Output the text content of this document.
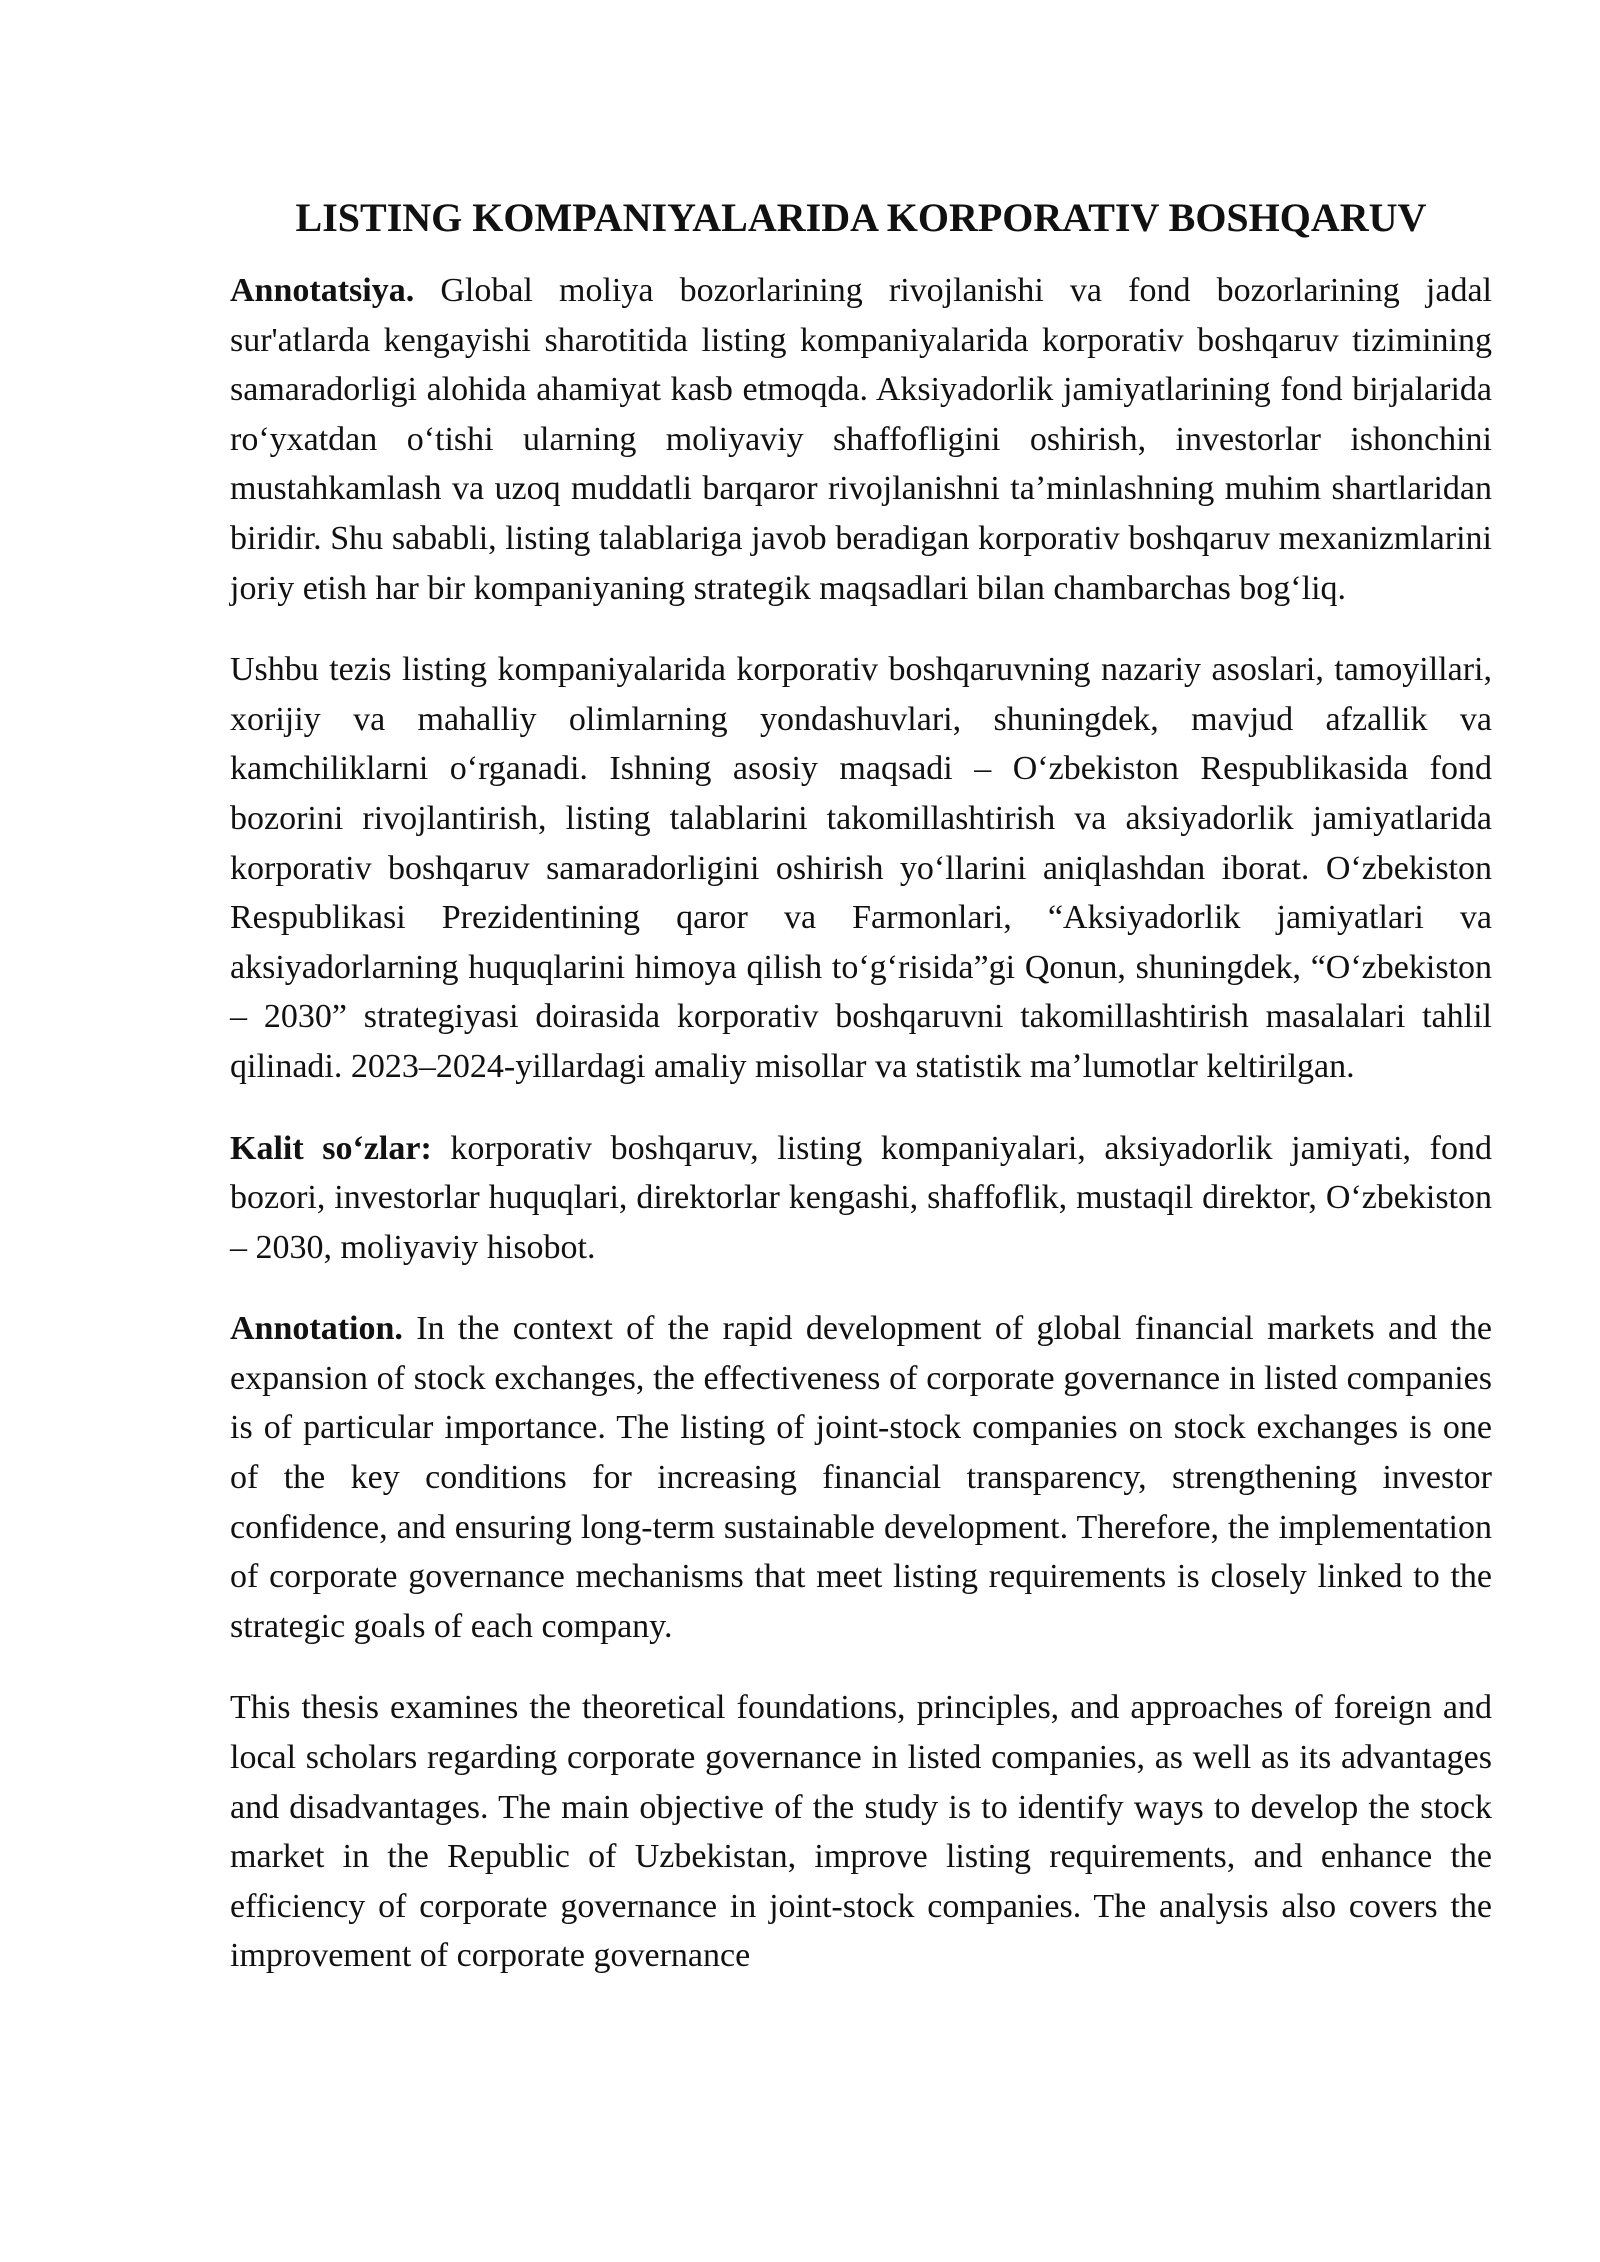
LISTING KOMPANIYALARIDA KORPORATIV BOSHQARUV

Annotatsiya. Global moliya bozorlarining rivojlanishi va fond bozorlarining jadal sur'atlarda kengayishi sharotitida listing kompaniyalarida korporativ boshqaruv tizimining samaradorligi alohida ahamiyat kasb etmoqda. Aksiyadorlik jamiyatlarining fond birjalarida roʻyxatdan oʻtishi ularning moliyaviy shaffofligini oshirish, investorlar ishonchini mustahkamlash va uzoq muddatli barqaror rivojlanishni taʼminlashning muhim shartlaridan biridir. Shu sababli, listing talablariga javob beradigan korporativ boshqaruv mexanizmlarini joriy etish har bir kompaniyaning strategik maqsadlari bilan chambarchas bogʻliq.

Ushbu tezis listing kompaniyalarida korporativ boshqaruvning nazariy asoslari, tamoyillari, xorijiy va mahalliy olimlarning yondashuvlari, shuningdek, mavjud afzallik va kamchiliklarni oʻrganadi. Ishning asosiy maqsadi – Oʻzbekiston Respublikasida fond bozorini rivojlantirish, listing talablarini takomillashtirish va aksiyadorlik jamiyatlarida korporativ boshqaruv samaradorligini oshirish yoʻllarini aniqlashdan iborat. Oʻzbekiston Respublikasi Prezidentining qaror va Farmonlari, “Aksiyadorlik jamiyatlari va aksiyadorlarning huquqlarini himoya qilish toʻgʻrisida”gi Qonun, shuningdek, “Oʻzbekiston – 2030” strategiyasi doirasida korporativ boshqaruvni takomillashtirish masalalari tahlil qilinadi. 2023–2024-yillardagi amaliy misollar va statistik maʼlumotlar keltirilgan.

Kalit soʻzlar: korporativ boshqaruv, listing kompaniyalari, aksiyadorlik jamiyati, fond bozori, investorlar huquqlari, direktorlar kengashi, shaffoflik, mustaqil direktor, Oʻzbekiston – 2030, moliyaviy hisobot.

Annotation. In the context of the rapid development of global financial markets and the expansion of stock exchanges, the effectiveness of corporate governance in listed companies is of particular importance. The listing of joint-stock companies on stock exchanges is one of the key conditions for increasing financial transparency, strengthening investor confidence, and ensuring long-term sustainable development. Therefore, the implementation of corporate governance mechanisms that meet listing requirements is closely linked to the strategic goals of each company.

This thesis examines the theoretical foundations, principles, and approaches of foreign and local scholars regarding corporate governance in listed companies, as well as its advantages and disadvantages. The main objective of the study is to identify ways to develop the stock market in the Republic of Uzbekistan, improve listing requirements, and enhance the efficiency of corporate governance in joint-stock companies. The analysis also covers the improvement of corporate governance
